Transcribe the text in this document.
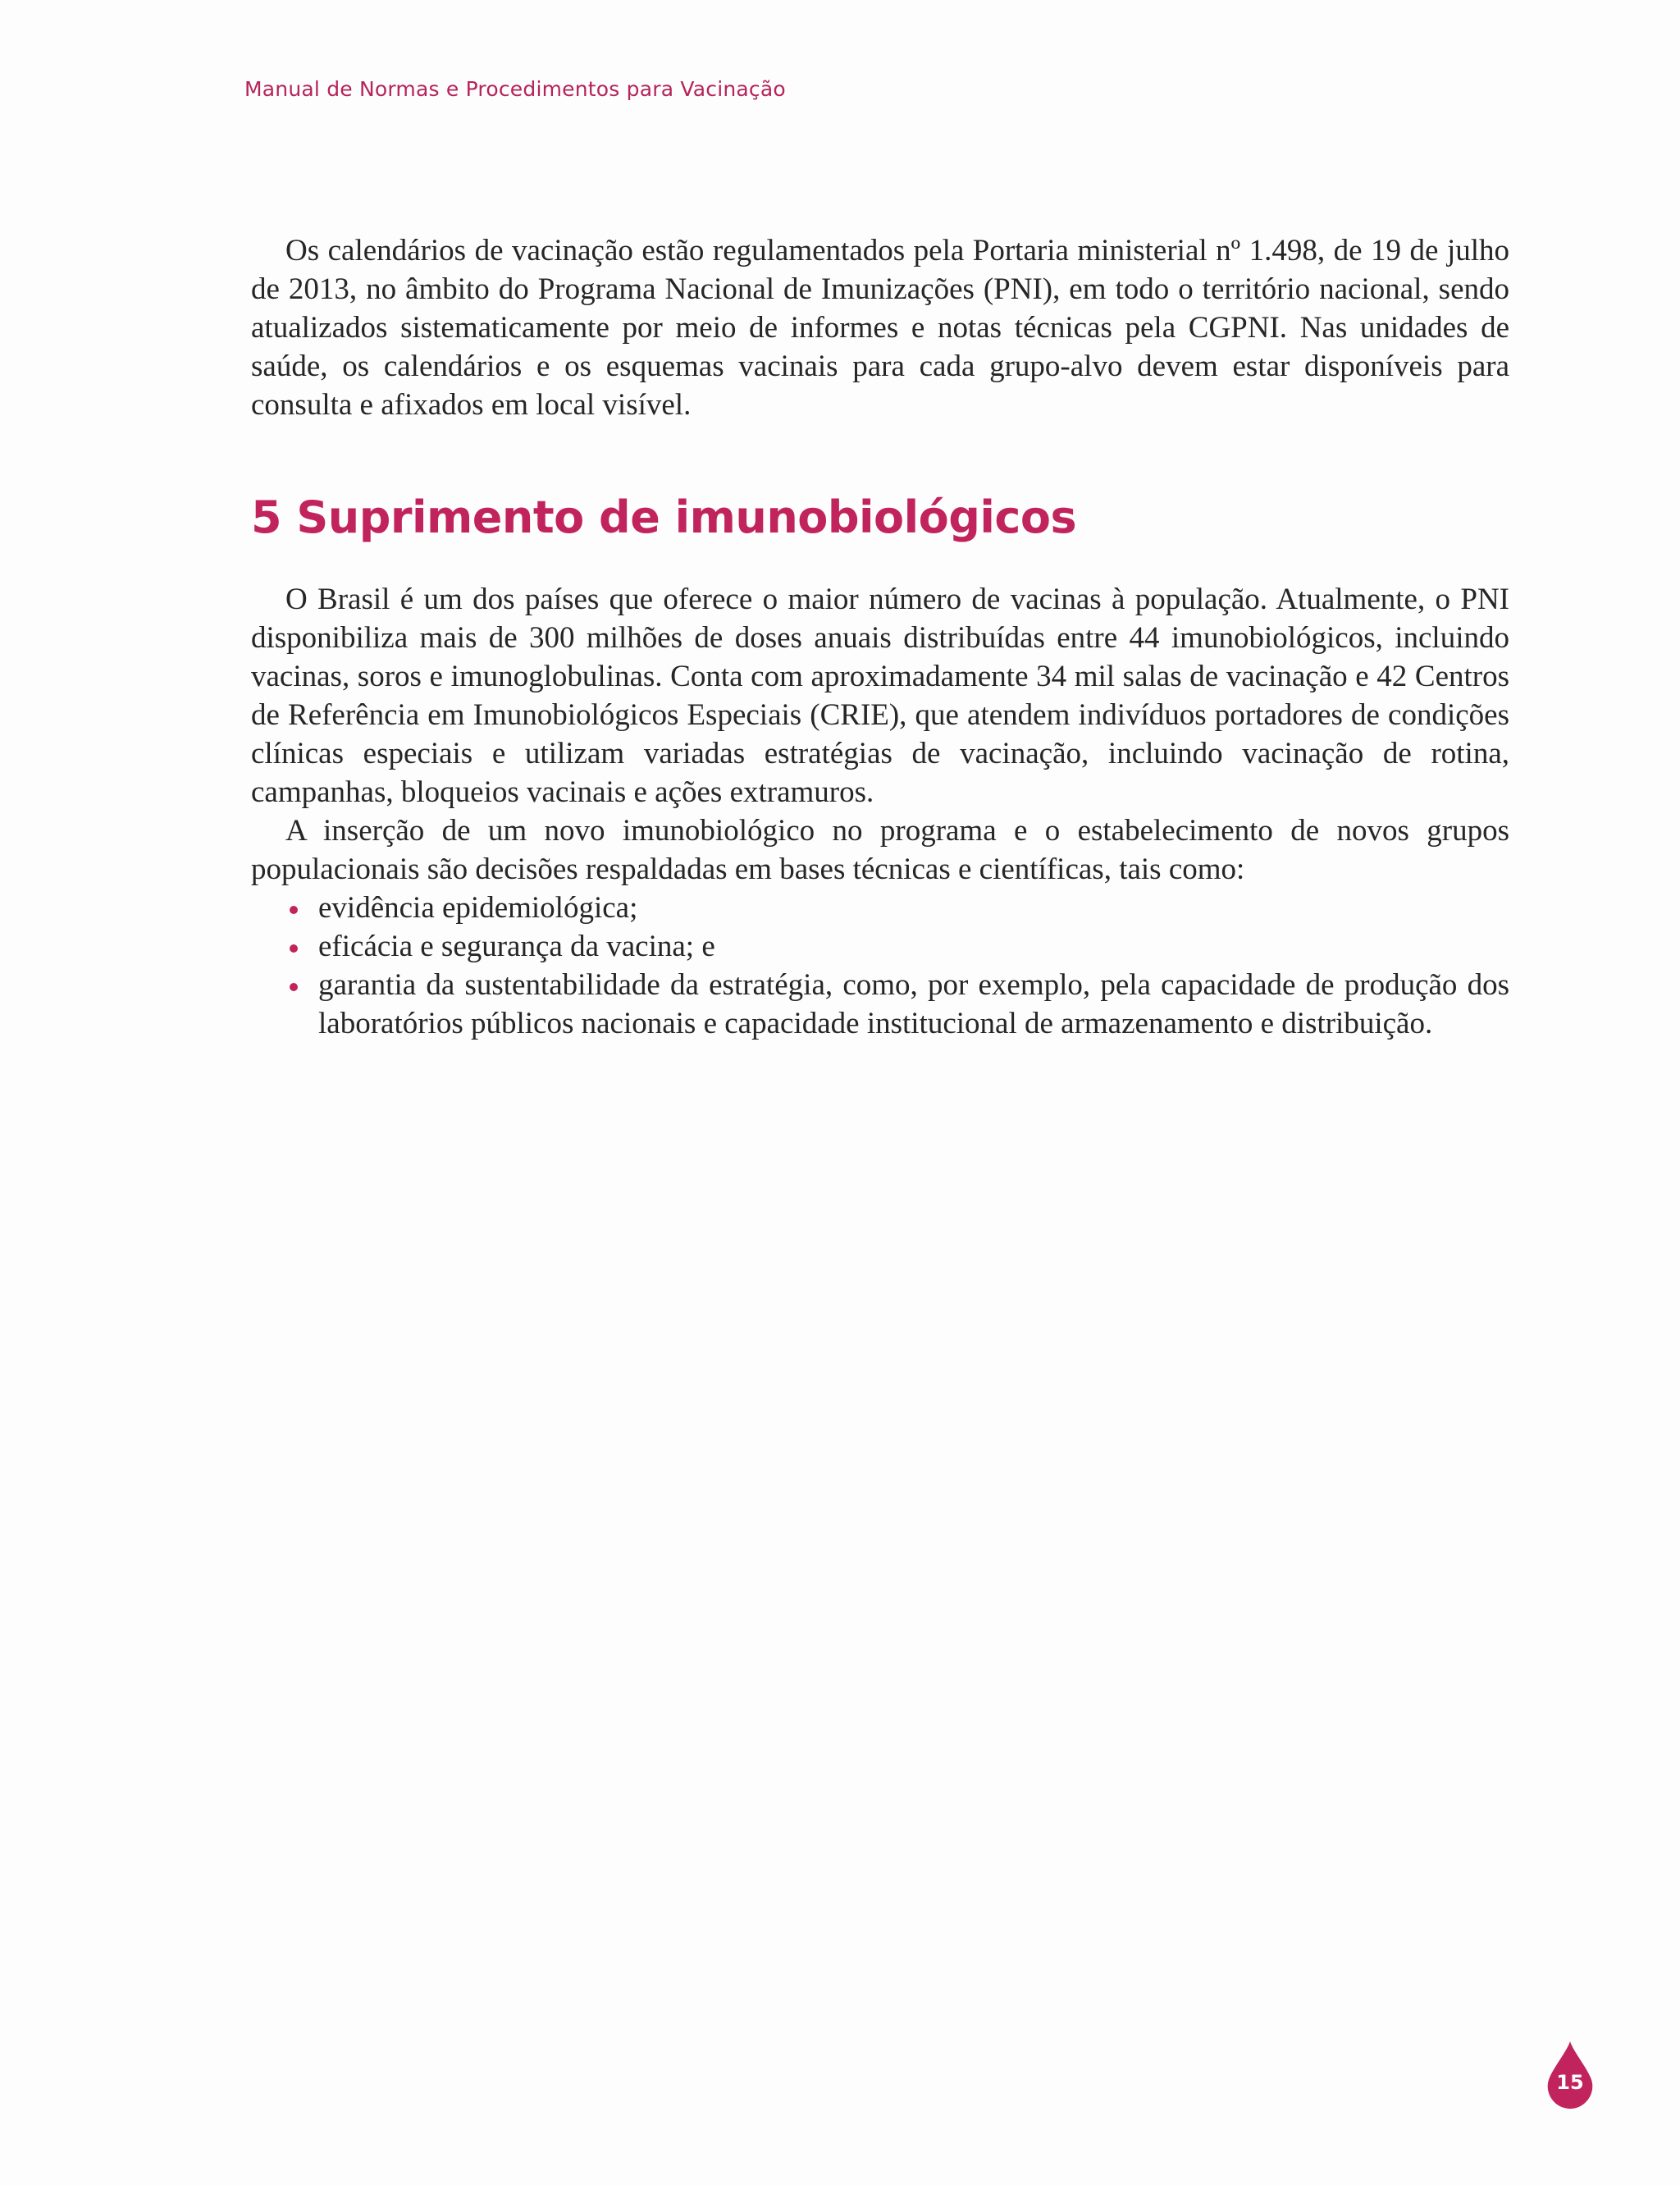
Manual de Normas e Procedimentos para Vacinação

Os calendários de vacinação estão regulamentados pela Portaria ministerial nº 1.498, de 19 de julho de 2013, no âmbito do Programa Nacional de Imunizações (PNI), em todo o território nacional, sendo atualizados sistematicamente por meio de informes e notas técnicas pela CGPNI. Nas unidades de saúde, os calendários e os esquemas vacinais para cada grupo-alvo devem estar disponíveis para consulta e afixados em local visível.

5 Suprimento de imunobiológicos

O Brasil é um dos países que oferece o maior número de vacinas à população. Atualmente, o PNI disponibiliza mais de 300 milhões de doses anuais distribuídas entre 44 imunobiológicos, incluindo vacinas, soros e imunoglobulinas. Conta com aproximadamente 34 mil salas de vacinação e 42 Centros de Referência em Imunobiológicos Especiais (CRIE), que atendem indivíduos portadores de condições clínicas especiais e utilizam variadas estratégias de vacinação, incluindo vacinação de rotina, campanhas, bloqueios vacinais e ações extramuros.

A inserção de um novo imunobiológico no programa e o estabelecimento de novos grupos populacionais são decisões respaldadas em bases técnicas e científicas, tais como:

evidência epidemiológica;
eficácia e segurança da vacina; e
garantia da sustentabilidade da estratégia, como, por exemplo, pela capacidade de produção dos laboratórios públicos nacionais e capacidade institucional de armazenamento e distribuição.
15
